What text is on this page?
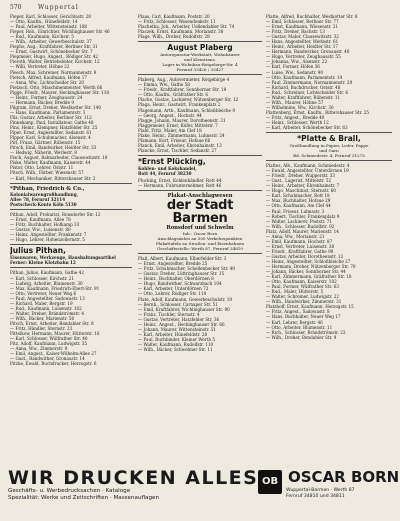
570	Wuppertal
Pieper, Karl, Schlosser, Gerichtsstr. 28
— Otto, Kaufm., Hünefeldstr. 14
— Paul, Arbeiter, Wittensteinstr. 108
Pieper, Rob., Einrichter, Wichlinghauser Str. 46
— Rud., Kaufmann, Kirchstr. 5
— Wilh., Arbeiter, Gewerbeschulstr. 37
Piepho, Aug., Kraftfahrer, Berliner Str. 31
— Ernst, Gastwirt, Schönebecker Str. 7
Piepmeier, Hugo, Angest., Rödiger Str. 42
Pieroth, Walter, Betriebsleiter, Kirchstr. 12
— Willi, Vertreter, Höhne 22
Piesch, Max, Schreiner, Normannenstr. 9
Pietsch, Alfred, Kaufmann, Höfen 17
— Anna, Ww., Lichtscheider Str. 20
Pietzsch, Otto, Maschinenmeister, Werth 66
Pigge, Friedr., Maurer, Heckinghauser Str. 118
— Heinr., Former, Zeughausstr. 24
— Hermann, Bäcker, Bredde 9
Pilgram, Ernst, Dreher, Westkotter Str. 140
— Hans, Kaufmann, Parlamentstr. 3
Pilz, Gustav, Arbeiter, Berliner Str. 112
Pinnekamp, Paul, Installateur, Gathe 48
Pins, Heinr., Klempner, Hatzfelder Str. 25
Piper, Ernst, Angestellter, Sedanstr. 61
Pipper, Karl, Schuhmacher, Alsenstr. 4
Pirl, Franz, Gärtner, Rübenstr. 15
Pirsch, Emil, Bandwirker, Heidter Str. 33
— Hedwig, Näherin, Werlestr. 8
Pisch, August, Bahnarbeiter, Clausewitzstr. 19
Piske, Walter, Kaufmann, Kaiserstr. 44
Pistor, Otto, Lehrer, Oststr. 11
Pitsch, Wilh., Färber, Wiesenstr. 57
— Karl, Mechaniker, Rittershauser Str. 2
*Pithan, Friedrich & Co.,
Kolonialwarengroßhandlung,
Allee 78, Fernruf 32114
Postscheck-Konto Köln 5130
Pithan, Adolf, Prokurist, Ronsdorfer Str. 12
— Ernst, Kaufmann, Allee 78
— Fritz, Buchhalter, Hofkamp 33
— Gustav, Ww., Luisenstr. 80
— Heinz, Angestellter, Frankenstr. 7
— Hugo, Lehrer, Hohenzollernstr. 5
Julius Pithan,
Eisenwaren, Werkzeuge, Haushaltungsartikel
Ferner: Kleine Klotzbahn 12
Pithan, Julius, Kaufmann, Gathe 42
— Karl, Schlosser, Kirchstr. 21
— Ludwig, Arbeiter, Blumenstr. 30
— Max, Kaufmann, Friedrich-Ebert-Str. 91
— Otto, Vertreter, Neuer Weg 6
— Paul, Angestellter, Sadowastr. 13
— Richard, Maler, Bergstr. 19
— Rud., Kaufmann, Luisenstr. 102
— Walter, Dreher, Brändströmstr. 4
— Wilh., Bäcker, Marienstr. 56
Pitsch, Ernst, Arbeiter, Bendahler Str. 8
— Fritz, Händler, Sternstr. 23
Pittelkow, Hermann, Maurer, Hütterstr. 16
— Karl, Schlosser, Wülfrather Str. 40
Pitz, Adolf, Kaufmann, Ludwigstr. 35
— Anna, Ww., Zimmerstr. 9
— Emil, Angest., Kaiser-Wilhelm-Allee 27
— Gust., Bandwirker, Gronaustr. 14
Pitzke, Ewald, Buchdrucker, Herzogstr. 6
Plaas, Carl, Kaufmann, Poststr. 20
— Fritz, Schlosser, Wesendonkstr. 11
Plachetka, Joh., Arbeiter, Uellendahler Str. 74
Placzek, Ernst, Kaufmann, Morianstr. 38
Plage, Wilh., Dreher, Rudolfstr. 28
August Plaberg
Autoreparatur-Werkstatt, Wohnhäuser
und Kleintrans.
Lager in Wohnbau-Rotgebirge-Str. 4
Fernruf 33426 / 33427
Plaberg, Aug., Autovermieter, Rotgebirge 4
— Emma, Ww., Gathe 58
— Friedr., Kraftfahrer, Sonnborner Str. 19
— Otto, Kaufm., Gräfrather Str. 6
Plache, Gustav, Lackierer, Nützenberger Str. 12
Plaga, Heinr., Gastwirt, Frankenplatz 2
Plagemann, Arth., Kaufmann, Schloßbleiche 9
— Georg, Angest., Hochstr. 44
Plagge, Johann, Maurer, Dorotheenstr. 31
Plaggemeier, Ernst, Küfer, Mittelstr. 7
Plahl, Fritz, Maler, Am Clef 18
Plake, Heinr., Zimmermann, Luhnsstr. 24
Plamann, Kurt, Friseur, Hofaue 66
Planck, Emil, Arbeiter, Ehrenhainstr. 13
Plancke, Ernst, Tischler, Sedanstr. 27
*Ernst Plücking,
Kohlen- und Kokshandel,
Rott 44, Fernruf 38230
Plucking, Ernst, Kohlenhändler, Rott 44
— Hermann, Fuhrunternehmer, Rott 46
Plakat-Anschlagwesen
der Stadt Barmen
Ronsdorf und Schwelm
Inh.: Oscar Born
Anschlagsäulen an 300 Verkehrspunkten
Plakattafeln an Straßen- und Eisenbahnen
Geschäftsstelle: Werth 87, Fernruf 34810
Plaß, Albert, Kaufmann, Elberfelder Str. 3
— Ernst, Angestellter, Bredde 25
— Fritz, Schuhmacher, Schellenbecker Str. 49
— Gustav, Dreher, Lüttringhauser Str. 15
— Heinr., Buchhalter, Oberdörnen 8
— Hugo, Bandwirker, Schwarzbach 104
— Karl, Arbeiter, Unterdörnen 72
— Otto, Lehrer, Rödiger Str. 110
Plate, Adolf, Kaufmann, Gewerbeschulstr. 19
— Bernh., Schlosser, Carnaper Str. 51
— Emil, Kraftfahrer, Wichlinghauser Str. 90
— Franz, Tischler, Sternstr. 4
— Gustav, Vertreter, Hatzfelder Str. 36
— Heinr., Angest., Heckinghauser Str. 66
— Johann, Maurer, Wittensteinstr. 51
— Karl, Arbeiter, Hünefeldstr. 28
— Paul, Buchbinder, Kleiner Werth 5
— Walter, Kaufmann, Rudolfstr. 110
— Wilh., Bäcker, Schwelmer Str. 11
Platte, Alfred, Buchhalter, Westkotter Str. 8
— Emil, Schlosser, Berliner Str. 77
— Ernst, Kaufmann, Wiesenstr. 21
— Fritz, Dreher, Bachstr. 13
— Gustav, Maler, Clausewitzstr. 32
— Hans, Angestellter, Werlestr. 61
— Heinr., Arbeiter, Heidter Str. 17
— Hermann, Bandwirker, Gronaustr. 40
— Hugo, Vertreter, Zeughausstr. 55
— Johanna, Ww., Alsenstr. 22
— Karl, Former, Höfen 36
— Luise, Ww., Sedanstr. 90
— Otto, Kaufmann, Parlamentstr. 14
— Paul, Zimmermann, Normannenstr. 29
— Richard, Buchdrucker, Oststr. 48
— Rud., Schreiner, Lichtscheider Str. 6
— Walter, Kraftfahrer, Rübenstr. 11
— Wilh., Maurer, Höhne 57
— Wilhelmine, Ww., Kirchstr. 30
Plattenberg, Ernst, Kaufm., Rittershauser Str. 25
— Fritz, Angest., Bredde 40
— Heinr., Schlosser, Werth 12
— Karl, Arbeiter, Schönebecker Str. 63
*Platte & Brall,
Großhandlung in Papier, Leder, Pappe
und Garn
Bd. Schmiedestr. 4, Fernruf 31275
Plattes, Alb., Kaufmann, Schmiedestr. 4
— Ewald, Angestellter, Unterdörnen 19
— Friedr., Dreher, Wupperstr. 33
— Gust., Lagerist, Mittelstr. 52
— Heinr., Arbeiter, Ehrenhainstr. 7
— Hugo, Maschinist, Sternstr. 60
— Karl, Schuhmacher, Rott 18
— Max, Buchhalter, Hofaue 29
— Otto, Kaufmann, Am Clef 44
— Paul, Friseur, Luhnsstr. 3
— Robert, Tischler, Frankenplatz 9
— Walter, Lackierer, Poststr. 71
— Wilh., Schlosser, Rudolfstr. 92
Platz, Adolf, Maurer, Marienstr. 14
— Anna, Ww., Morianstr. 21
— Emil, Kaufmann, Hochstr. 87
— Ernst, Vertreter, Luisenstr. 38
— Friedr., Kraftfahrer, Gathe 90
— Gustav, Arbeiter, Dorotheenstr. 12
— Heinz, Angestellter, Schloßbleiche 27
— Hermann, Dreher, Nützenberger Str. 70
— Johann, Bäcker, Sonnborner Str. 44
— Karl, Zimmermann, Gräfrather Str. 18
— Otto, Kaufmann, Kaiserstr. 102
— Paul, Former, Wülfrather Str. 63
— Rud., Maler, Hütterstr. 5
— Walter, Schreiner, Ludwigstr. 22
— Wilh., Bandwirker, Zimmerstr. 31
Platzhoff, Ernst, Kaufmann, Herzogstr. 15
— Fritz, Angest., Sadowastr. 8
— Hans, Buchhalter, Neuer Weg 17
— Karl, Lehrer, Bergstr. 46
— Otto, Arbeiter, Blumenstr. 11
— Rich., Schlosser, Brändströmstr. 23
— Wilh., Dreher, Bendahler Str. 9
WIR DRUCKEN ALLES
Geschäfts- u. Werbedrucksachen · Kataloge
Spezialität: Werke und Zeitschriften · Massenauflagen
OB OSCAR BORN
Wuppertal-Barmen · Werth 87
Fernruf 34810 und 34811
